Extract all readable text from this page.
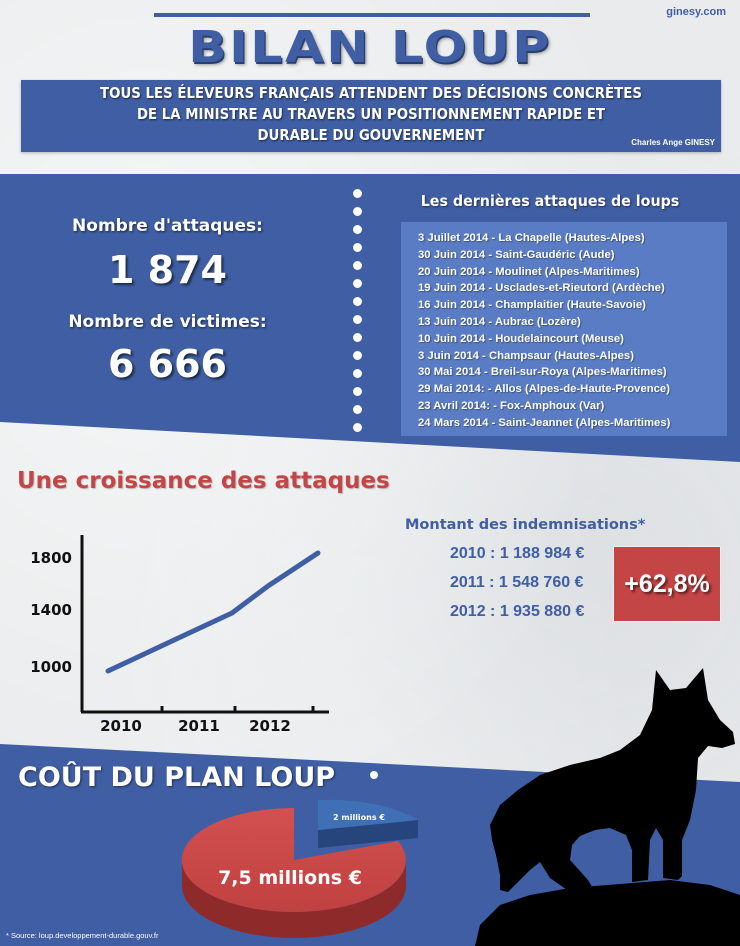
ginesy.com
BILAN LOUP
TOUS LES ÉLEVEURS FRANÇAIS ATTENDENT DES DÉCISIONS CONCRÈTES
DE LA MINISTRE AU TRAVERS UN POSITIONNEMENT RAPIDE ET
DURABLE DU GOUVERNEMENT	Charles Ange GINESY
Nombre d'attaques:
1 874
Nombre de victimes:
6 666
Les dernières attaques de loups
3 Juillet 2014 - La Chapelle (Hautes-Alpes)
30 Juin 2014 - Saint-Gaudéric (Aude)
20 Juin 2014 - Moulinet (Alpes-Maritimes)
19 Juin 2014 - Usclades-et-Rieutord (Ardèche)
16 Juin 2014 - Champlaitier (Haute-Savoie)
13 Juin 2014 - Aubrac (Lozère)
10 Juin 2014 - Houdelaincourt (Meuse)
3 Juin 2014 - Champsaur (Hautes-Alpes)
30 Mai 2014 - Breil-sur-Roya (Alpes-Maritimes)
29 Mai 2014: - Allos (Alpes-de-Haute-Provence)
23 Avril 2014: - Fox-Amphoux (Var)
24 Mars 2014 - Saint-Jeannet (Alpes-Maritimes)
Une croissance des attaques
1800
1400
1000
2010 2011 2012
Montant des indemnisations*
2010 : 1 188 984 €
2011 : 1 548 760 €
2012 : 1 935 880 €
+62,8%
COÛT DU PLAN LOUP
7,5 millions €
2 millions €
* Source: loup.developpement-durable.gouv.fr
